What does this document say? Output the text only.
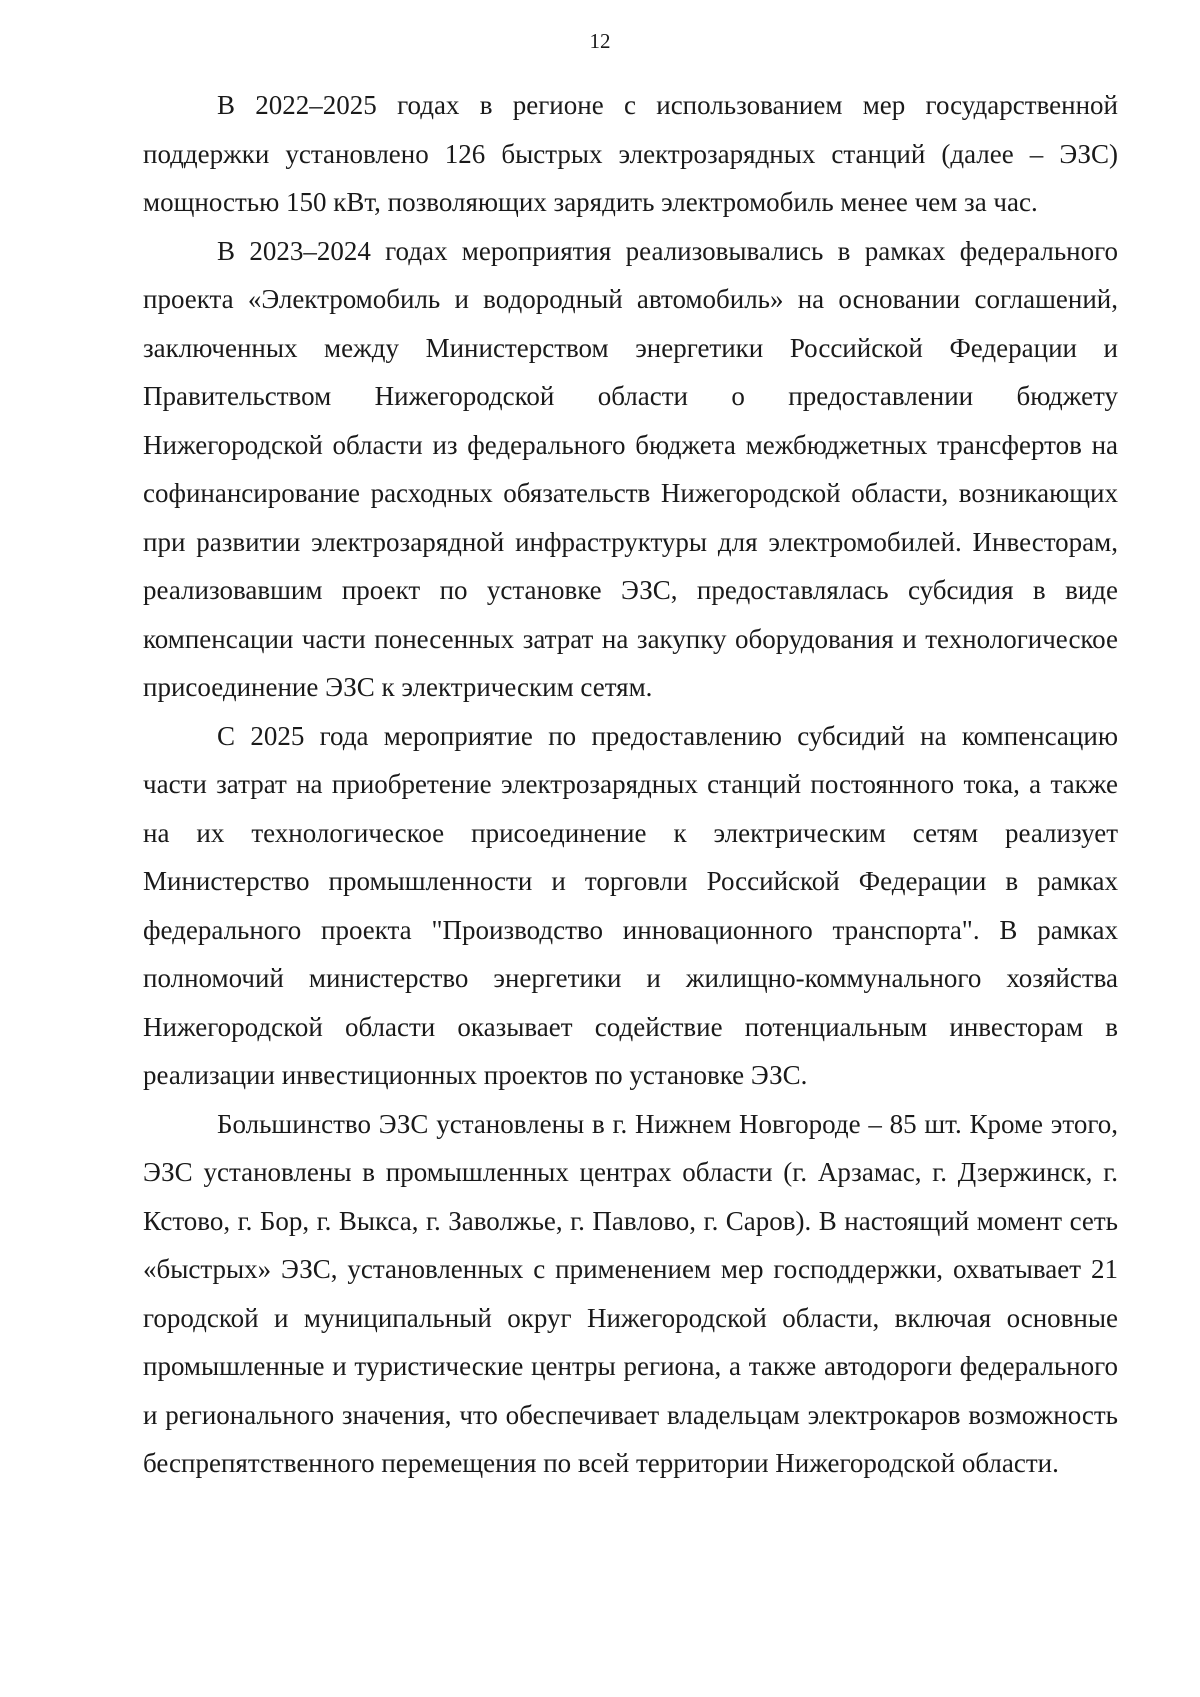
12

В 2022–2025 годах в регионе с использованием мер государственной поддержки установлено 126 быстрых электрозарядных станций (далее – ЭЗС) мощностью 150 кВт, позволяющих зарядить электромобиль менее чем за час.

В 2023–2024 годах мероприятия реализовывались в рамках федерального проекта «Электромобиль и водородный автомобиль» на основании соглашений, заключенных между Министерством энергетики Российской Федерации и Правительством Нижегородской области о предоставлении бюджету Нижегородской области из федерального бюджета межбюджетных трансфертов на софинансирование расходных обязательств Нижегородской области, возникающих при развитии электрозарядной инфраструктуры для электромобилей. Инвесторам, реализовавшим проект по установке ЭЗС, предоставлялась субсидия в виде компенсации части понесенных затрат на закупку оборудования и технологическое присоединение ЭЗС к электрическим сетям.

С 2025 года мероприятие по предоставлению субсидий на компенсацию части затрат на приобретение электрозарядных станций постоянного тока, а также на их технологическое присоединение к электрическим сетям реализует Министерство промышленности и торговли Российской Федерации в рамках федерального проекта "Производство инновационного транспорта". В рамках полномочий министерство энергетики и жилищно-коммунального хозяйства Нижегородской области оказывает содействие потенциальным инвесторам в реализации инвестиционных проектов по установке ЭЗС.

Большинство ЭЗС установлены в г. Нижнем Новгороде – 85 шт. Кроме этого, ЭЗС установлены в промышленных центрах области (г. Арзамас, г. Дзержинск, г. Кстово, г. Бор, г. Выкса, г. Заволжье, г. Павлово, г. Саров). В настоящий момент сеть «быстрых» ЭЗС, установленных с применением мер господдержки, охватывает 21 городской и муниципальный округ Нижегородской области, включая основные промышленные и туристические центры региона, а также автодороги федерального и регионального значения, что обеспечивает владельцам электрокаров возможность беспрепятственного перемещения по всей территории Нижегородской области.
